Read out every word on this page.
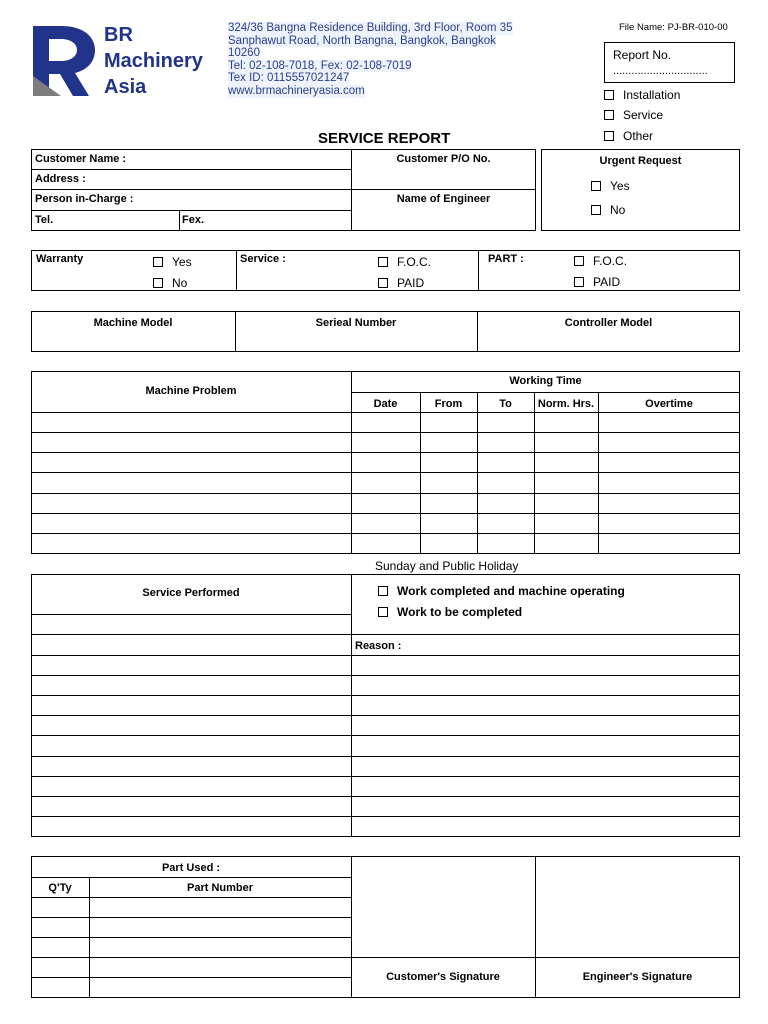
BR
Machinery
Asia
324/36 Bangna Residence Building, 3rd Floor, Room 35
Sanphawut Road, North Bangna, Bangkok, Bangkok
10260
Tel: 02-108-7018, Fex: 02-108-7019
Tex ID: 0115557021247
www.brmachineryasia.com
File Name: PJ-BR-010-00
Report No.
...............................
Installation
Service
Other
SERVICE REPORT
Customer Name :
Address :
Person in-Charge :
Tel.	Fex.
Customer P/O No.
Name of Engineer
Urgent Request
Yes
No
Warranty	Yes
No
Service :	F.O.C.
PAID
PART :	F.O.C.
PAID
Machine Model	Serieal Number	Controller Model
Machine Problem
Working Time
Date	From	To	Norm. Hrs.	Overtime
Sunday and Public Holiday
Service Performed	Work completed and machine operating
Work to be completed
Reason :
Part Used :
Q'Ty	Part Number
Customer's Signature	Engineer's Signature
